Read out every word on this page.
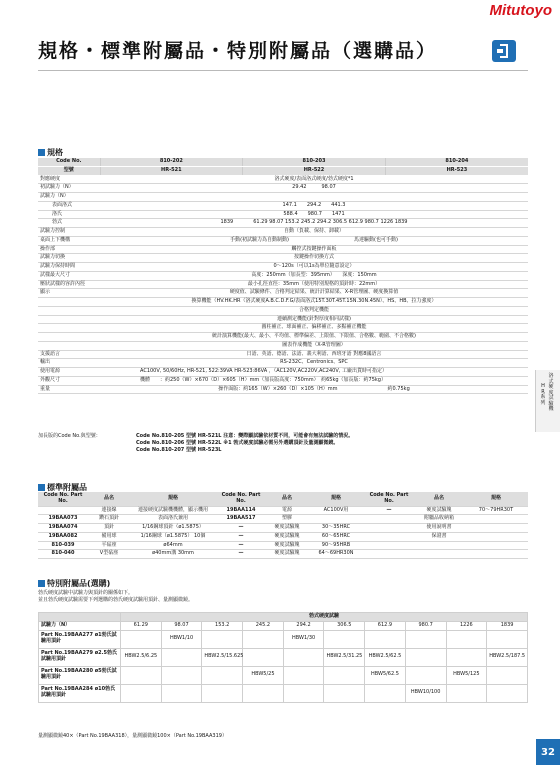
Mitutoyo
規格・標準附屬品・特別附屬品（選購品）
規格
Code No.	810-202	810-203	810-204
型號	HR-521	HR-522	HR-523
對應硬度	洛式硬度/表面洛式硬度/勃式硬度*1		
初試驗力（N）	29.42　　　98.07		
試驗力（N）			
表面洛式	147.1　　294.2　　441.3		
洛氏	588.4　　980.7　　1471		
勃式	1839　　　　61.29 98.07 153.2 245.2 294.2 306.5 612.9 980.7 1226 1839		
試驗力控制	自動（負載、保持、卸載）		
桌面上下機構	手動(初試驗力為自動制動)　　　　　　　　　　　　　馬達驅動(也可手動)		
操作部	觸控式按鍵操作面板		
試驗力切換	按鍵操作切換方式		
試驗力保持時間	0～120s（可以1s為單位隨意設定）		
試樣最大尺寸	高度：250mm（加長型：395mm）　　深度：150mm		
壓狀試樣的容許內徑	最小孔徑直徑：35mm（使用特別規格的頂針時：22mm）		
顯示	硬度值、試驗條件、合格判定結果、統計計算結果、X-R管理圖、硬度換算值		
	換算機能（HV.HK.HR（洛式硬度A.B.C.D.F.G/表面洛式15T.30T.45T.15N.30N.45N）、HS、HB、拉力強度）		
	合格判定機能		
	連續測定機能(針對厚度相同試樣)		
	圓柱補正、球面補正、偏移補正、多點補正機能		
	統計演算機能(最大、最小、平均值、標準偏差、上限值、下限值、合格數、範圍、不合格數)		
	圖表作成機能（X-R管理圖）		
支援語言	日語、英語、德語、法語、義大利語、西班牙語 對應8國語言		
輸出	RS-232C、Centronics、SPC		
使用電源	AC100V, 50/60Hz, HR-521, 522:39VA HR-523:86VA ，（AC120V,AC220V,AC240V, 工廠出貨時可指定）		
外觀尺寸	機體　　：約250（W）×670（D）×605（H）mm（加長版高度：750mm）　約65kg（加長版：約75kg）		
重量	操作面版：約165（W）×260（D）×105（H）mm　　　　　　　　　　約0.75kg		
加長版的Code No.與型號：	Code No.810-205 型號 HR-521L 注意：變際顯試驗依材質不同，可能會有無法試驗的情況。
Code No.810-206 型號 HR-522L ※1 勃式硬度試驗必需另外選購頂針及量測顯微鏡。
Code No.810-207 型號 HR-523L
標準附屬品
Code No. Part No.	品名	規格	Code No. Part No.	品名	規格	Code No. Part No.	品名	規格
	連接線	連接硬度試驗機機體，顯示機用	19BAA114	電源	AC100V用	—	硬度試驗塊	70～79HR30T
19BAA073	鑽石頂針	表面洛氏兼用	19BAA517	塑膠			附屬品收納箱	
19BAA074	頂針	1/16鋼球頂針（ø1.5875）	—	硬度試驗塊	30～35HRC		使用說明書	
19BAA082	備用球	1/16鋼球（ø1.5875） 10個	—	硬度試驗塊	60～65HRC		保證書	
810-039	平砧座	ø64mm	—	硬度試驗塊	90～95HRB			
810-040	V型砧座	ø40mm溝 30mm	—	硬度試驗塊	64～69HR30N			
特別附屬品(選購)
勃氏硬度試驗中試驗力與頂針的關係如下。
並且勃氏硬度試驗需要下列選購的勃氏硬度試驗用頂針、量測顯微鏡。
	勃式硬度試驗									
試驗力（N）	61.29	98.07	153.2	245.2	294.2	306.5	612.9	980.7	1226	1839
Part No.19BAA277 ø1勃氏試驗用頂針		HBW1/10			HBW1/30					
Part No.19BAA279 ø2.5勃氏試驗用頂針	HBW2.5/6.25		HBW2.5/15.625			HBW2.5/31.25	HBW2.5/62.5			HBW2.5/187.5
Part No.19BAA280 ø5勃氏試驗用頂針				HBW5/25			HBW5/62.5		HBW5/125	
Part No.19BAA284 ø10勃氏試驗用頂針								HBW10/100		
量測顯微鏡40×（Part No.19BAA318），量測顯微鏡100×（Part No.19BAA319）
洛式硬度試驗機
HR系列
32
